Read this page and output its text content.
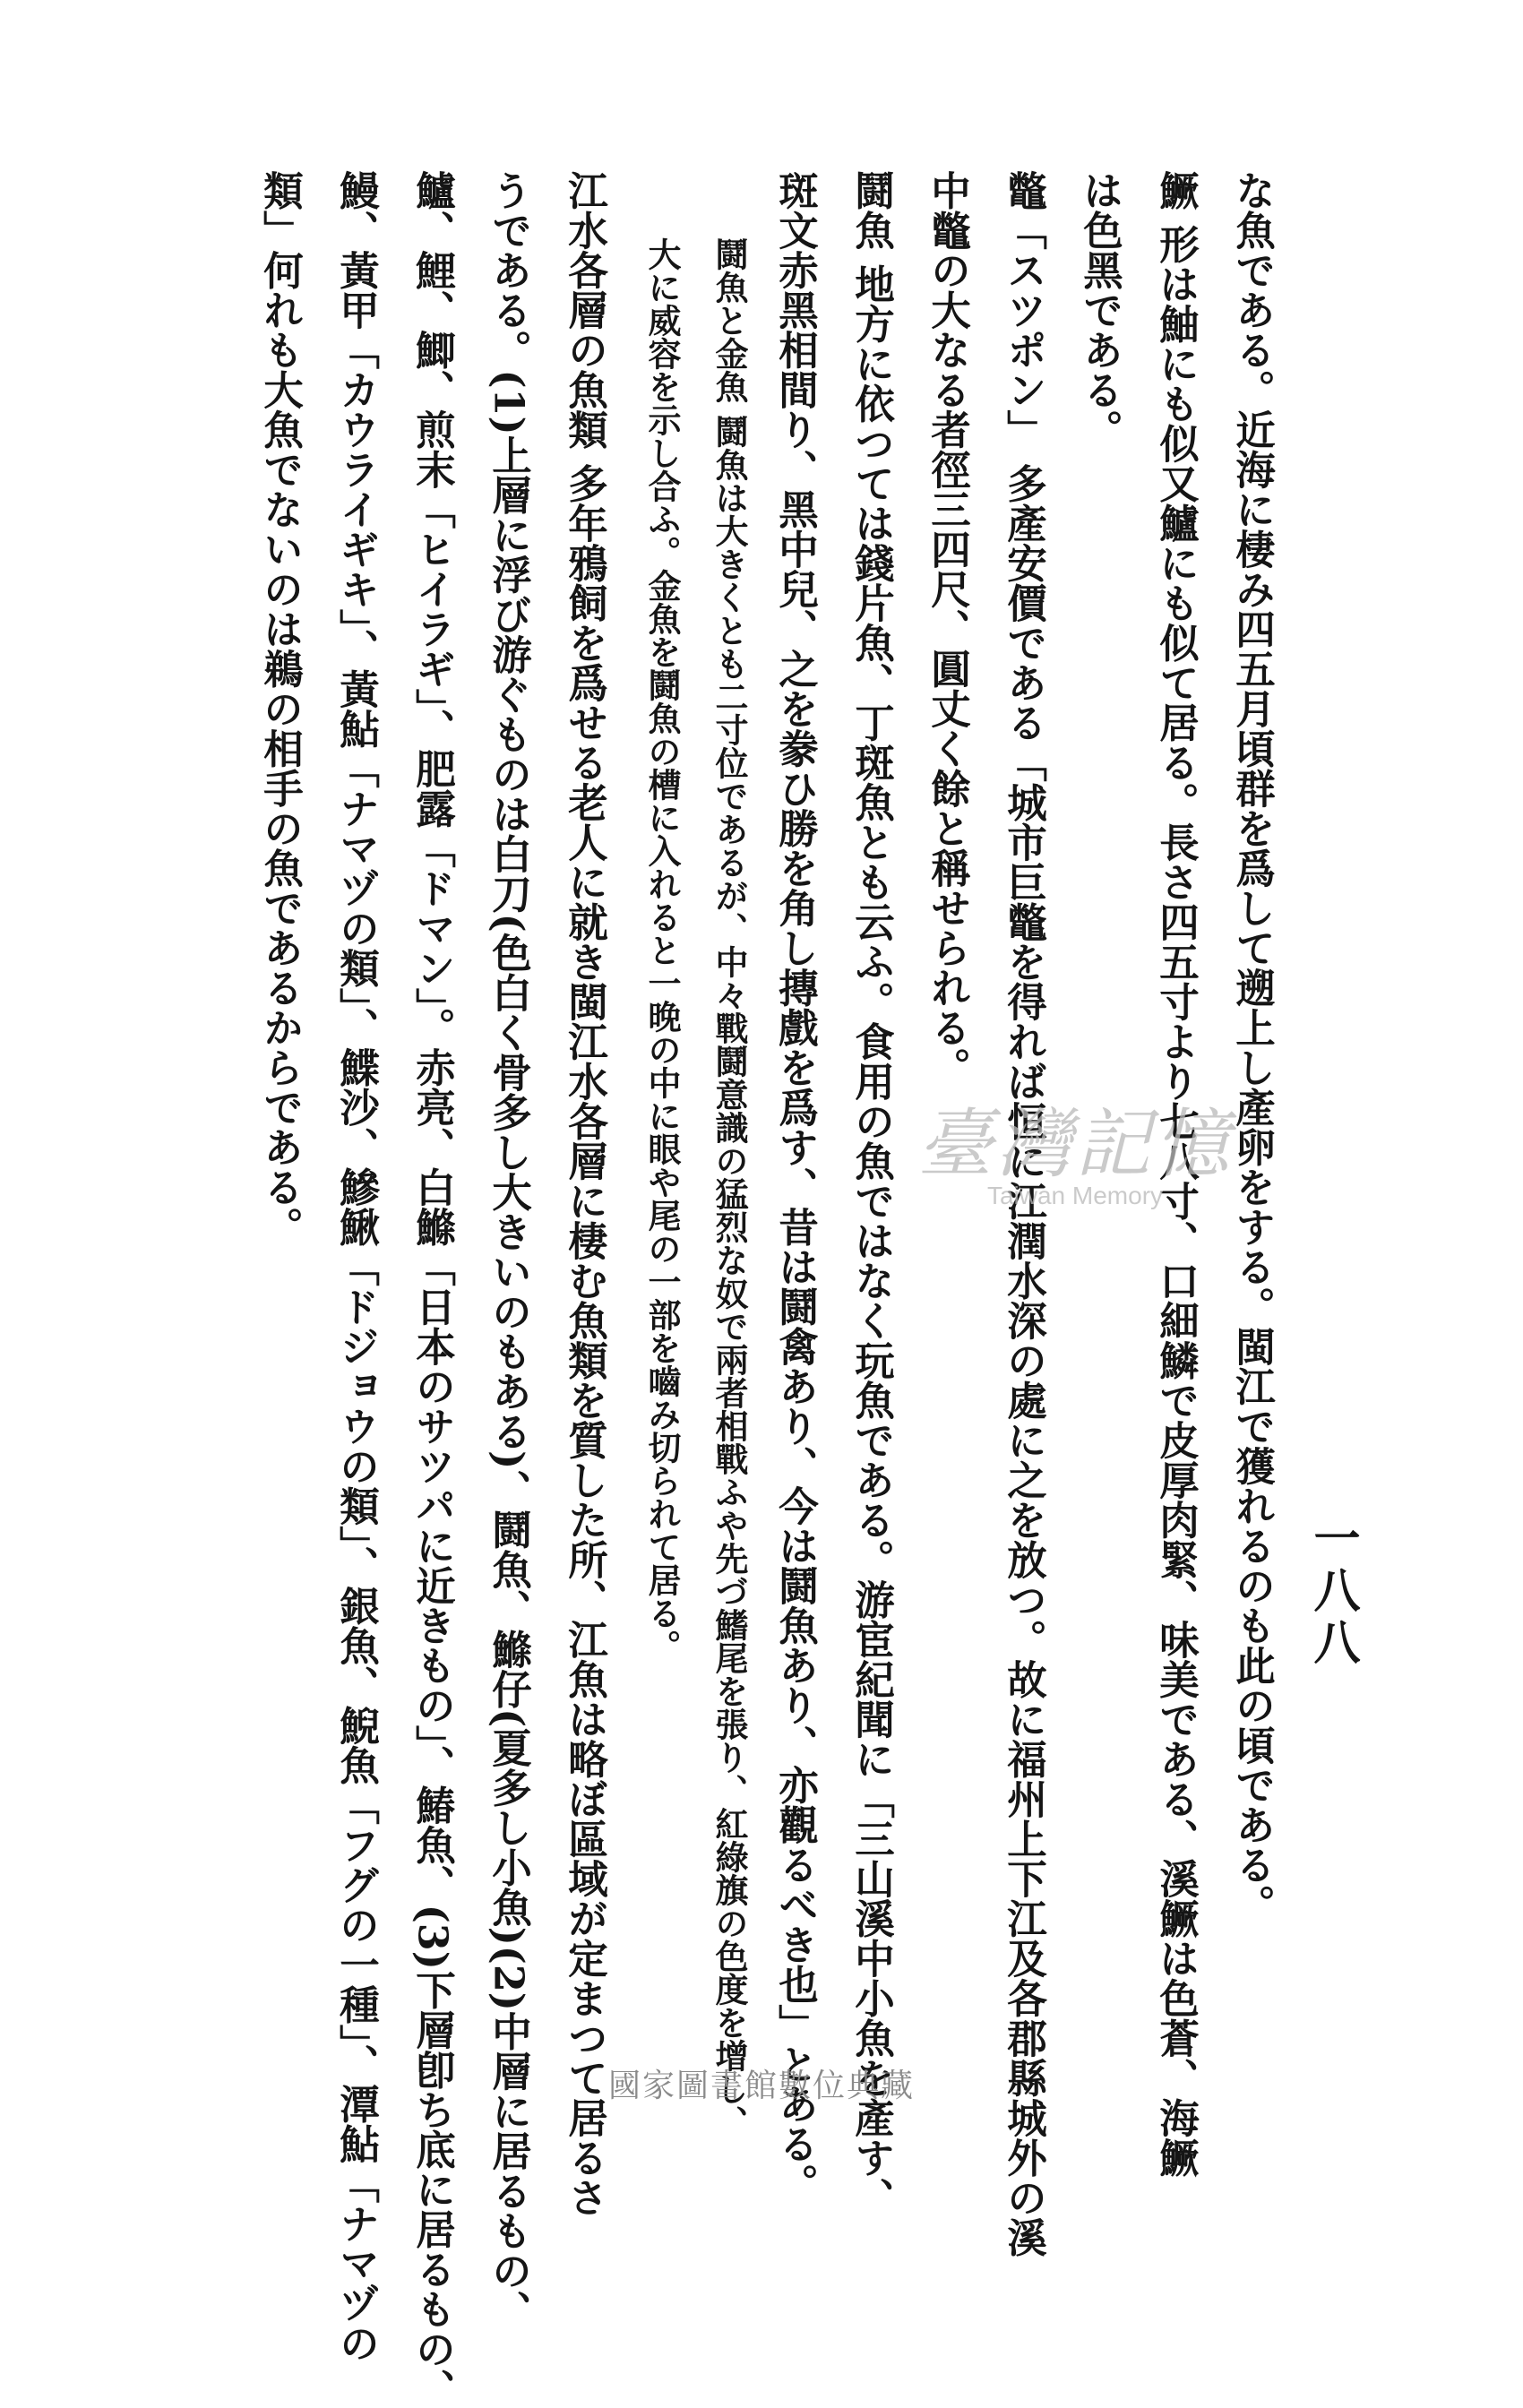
一八八
な魚である。近海に棲み四五月頃群を爲して遡上し產卵をする。閩江で獲れるのも此の頃である。
鱖 形は鮋にも似又鱸にも似て居る。長さ四五寸より七八寸、口細鱗で皮厚肉緊、味美である、溪鱖は色蒼、海鱖
は色黑である。
鼈「スツポン」 多產安價である「城市巨鼈を得れば恒に江潤水深の處に之を放つ。故に福州上下江及各郡縣城外の溪
中鼈の大なる者徑三四尺、圓丈く餘と稱せられる。
鬪魚 地方に依つては錢片魚、丁斑魚とも云ふ。食用の魚ではなく玩魚である。游宦紀聞に「三山溪中小魚を產す、
斑文赤黑相間り、黑中兒、之を豢ひ勝を角し摶戲を爲す、昔は鬪禽あり、今は鬪魚あり、亦觀るべき也」とある。
鬪魚と金魚 鬪魚は大きくとも二寸位であるが、中々戰鬪意識の猛烈な奴で兩者相戰ふや先づ鰭尾を張り、紅綠旗の色度を增し、
大に威容を示し合ふ。金魚を鬪魚の槽に入れると一晚の中に眼や尾の一部を嚙み切られて居る。
江水各層の魚類 多年鴉飼を爲せる老人に就き閩江水各層に棲む魚類を質した所、江魚は略ぼ區域が定まつて居るさ
うである。(1)上層に浮び游ぐものは白刀(色白く骨多し大きいのもある)、鬪魚、鰷仔(夏多し小魚)(2)中層に居るもの、
鱸、鯉、鯽、煎末「ヒイラギ」、肥露「ドマン」。赤亮、白鰷「日本のサツパに近きもの」、鰆魚、(3)下層卽ち底に居るもの、
鰻、黃甲「カウライギキ」、黃鮎「ナマヅの類」、鰈沙、鰺鰍「ドジョウの類」、銀魚、鯢魚「フグの一種」、潭鮎「ナマヅの
類」何れも大魚でないのは鵜の相手の魚であるからである。	臺灣記憶
Taiwan Memory
國家圖書館數位典藏
